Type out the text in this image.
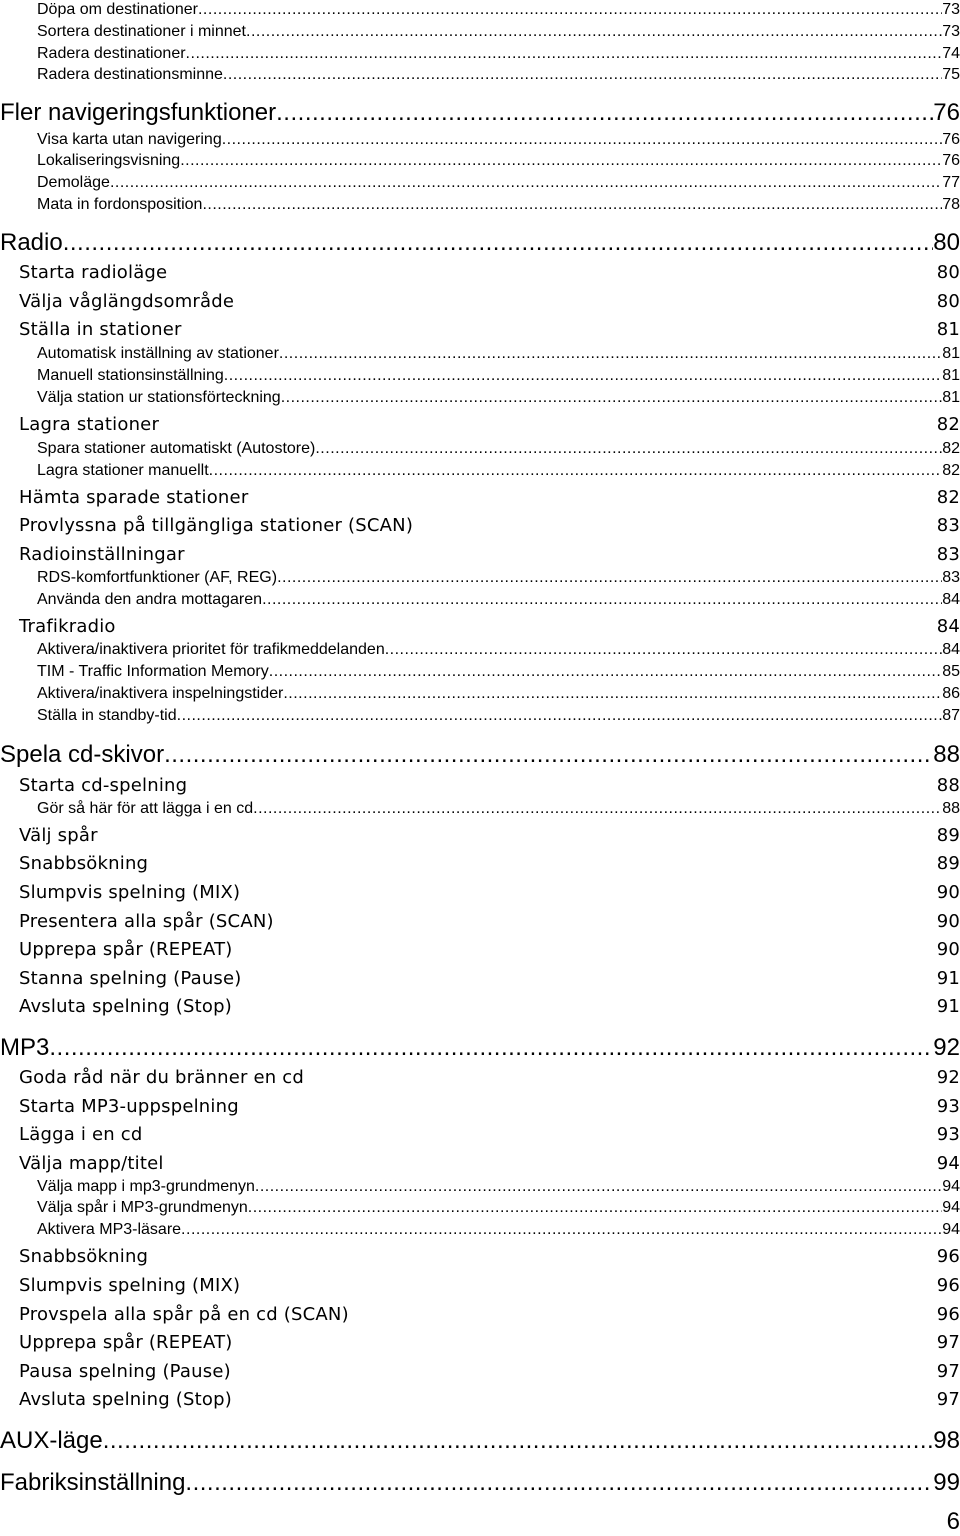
Döpa om destinationer .....	73
Sortera destinationer i minnet .....	73
Radera destinationer .....	74
Radera destinationsminne .....	75
Fler navigeringsfunktioner .....	76
Visa karta utan navigering .....	76
Lokaliseringsvisning .....	76
Demoläge .....	77
Mata in fordonsposition .....	78
Radio .....	80
Starta radioläge	80
Välja våglängdsområde	80
Ställa in stationer	81
Automatisk inställning av stationer .....	81
Manuell stationsinställning .....	81
Välja station ur stationsförteckning .....	81
Lagra stationer	82
Spara stationer automatiskt (Autostore) .....	82
Lagra stationer manuellt .....	82
Hämta sparade stationer	82
Provlyssna på tillgängliga stationer (SCAN)	83
Radioinställningar	83
RDS-komfortfunktioner (AF, REG) .....	83
Använda den andra mottagaren .....	84
Trafikradio	84
Aktivera/inaktivera prioritet för trafikmeddelanden .....	84
TIM - Traffic Information Memory .....	85
Aktivera/inaktivera inspelningstider .....	86
Ställa in standby-tid .....	87
Spela cd-skivor .....	88
Starta cd-spelning	88
Gör så här för att lägga i en cd .....	88
Välj spår	89
Snabbsökning	89
Slumpvis spelning (MIX)	90
Presentera alla spår (SCAN)	90
Upprepa spår (REPEAT)	90
Stanna spelning (Pause)	91
Avsluta spelning (Stop)	91
MP3 .....	92
Goda råd när du bränner en cd	92
Starta MP3-uppspelning	93
Lägga i en cd	93
Välja mapp/titel	94
Välja mapp i mp3-grundmenyn .....	94
Välja spår i MP3-grundmenyn .....	94
Aktivera MP3-läsare .....	94
Snabbsökning	96
Slumpvis spelning (MIX)	96
Provspela alla spår på en cd (SCAN)	96
Upprepa spår (REPEAT)	97
Pausa spelning (Pause)	97
Avsluta spelning (Stop)	97
AUX-läge .....	98
Fabriksinställning .....	99
6
